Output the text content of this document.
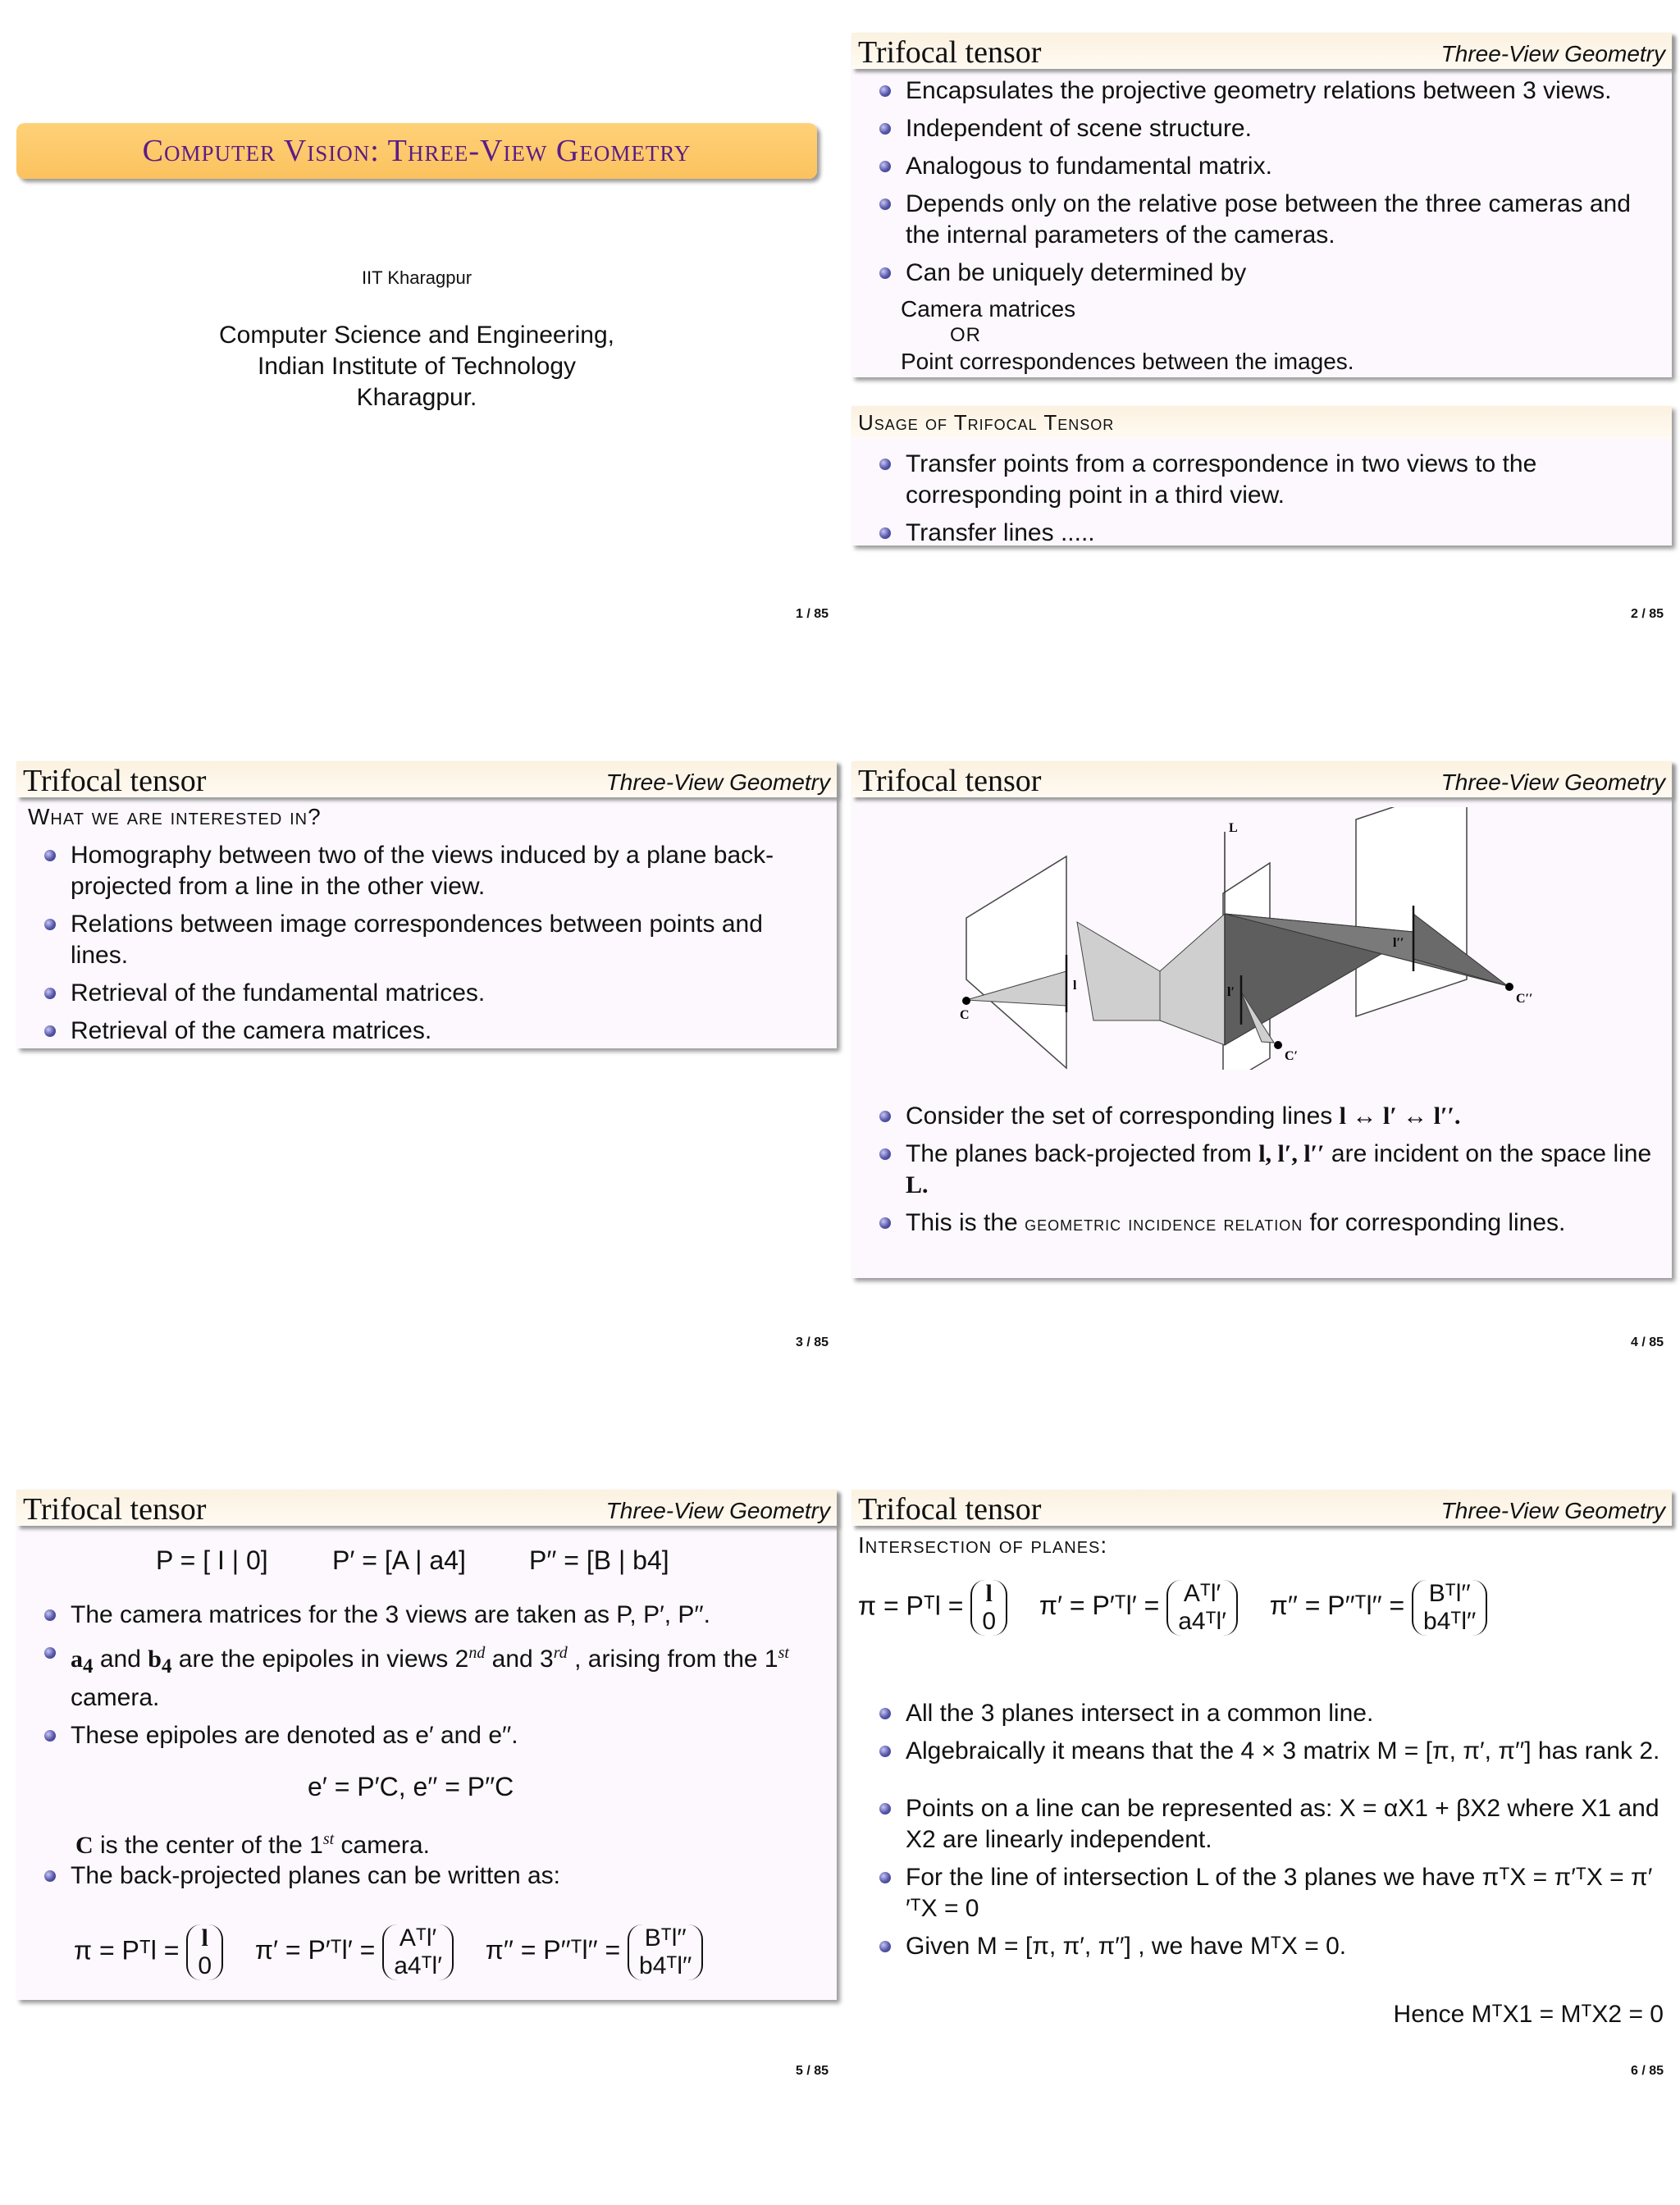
Computer Vision: Three-View Geometry
IIT Kharagpur
Computer Science and Engineering,
Indian Institute of Technology
Kharagpur.
1 / 85
Trifocal tensor	Three-View Geometry
Encapsulates the projective geometry relations between 3 views.
Independent of scene structure.
Analogous to fundamental matrix.
Depends only on the relative pose between the three cameras and the internal parameters of the cameras.
Can be uniquely determined by
Camera matrices
OR
Point correspondences between the images.
Usage of Trifocal Tensor
Transfer points from a correspondence in two views to the corresponding point in a third view.
Transfer lines .....
2 / 85
Trifocal tensor	Three-View Geometry
What we are interested in?
Homography between two of the views induced by a plane back-projected from a line in the other view.
Relations between image correspondences between points and lines.
Retrieval of the fundamental matrices.
Retrieval of the camera matrices.
3 / 85
Trifocal tensor	Three-View Geometry
L
l	l′
l′′
C
C′
C′′
Consider the set of corresponding lines l ↔ l′ ↔ l′′.
The planes back-projected from l, l′, l′′ are incident on the space line L.
This is the geometric incidence relation for corresponding lines.
4 / 85
Trifocal tensor	Three-View Geometry
P = [ I | 0] P′ = [A | a4] P′′ = [B | b4]
The camera matrices for the 3 views are taken as P, P′, P′′.
$a_4$ and $b_4$ are the epipoles in views 2nd and 3rd , arising from the 1st camera.
These epipoles are denoted as e′ and e′′.
e′ = P′C, e′′ = P′′C
C is the center of the 1st camera.
The back-projected planes can be written as:
π = Pᵀl = l
0 π′ = P′ᵀl′ = Aᵀl′
a4ᵀl′ π′′ = P′′ᵀl′′ = Bᵀl′′
b4ᵀl′′
5 / 85
Trifocal tensor	Three-View Geometry
Intersection of planes:
π = Pᵀl = l
0 π′ = P′ᵀl′ = Aᵀl′
a4ᵀl′ π′′ = P′′ᵀl′′ = Bᵀl′′
b4ᵀl′′
All the 3 planes intersect in a common line.
Algebraically it means that the 4 × 3 matrix M = [π, π′, π′′] has rank 2.
Points on a line can be represented as: X = αX1 + βX2 where X1 and X2 are linearly independent.
For the line of intersection L of the 3 planes we have πᵀX = π′ᵀX = π′′ᵀX = 0
Given M = [π, π′, π′′] , we have MᵀX = 0.
Hence MᵀX1 = MᵀX2 = 0
6 / 85
